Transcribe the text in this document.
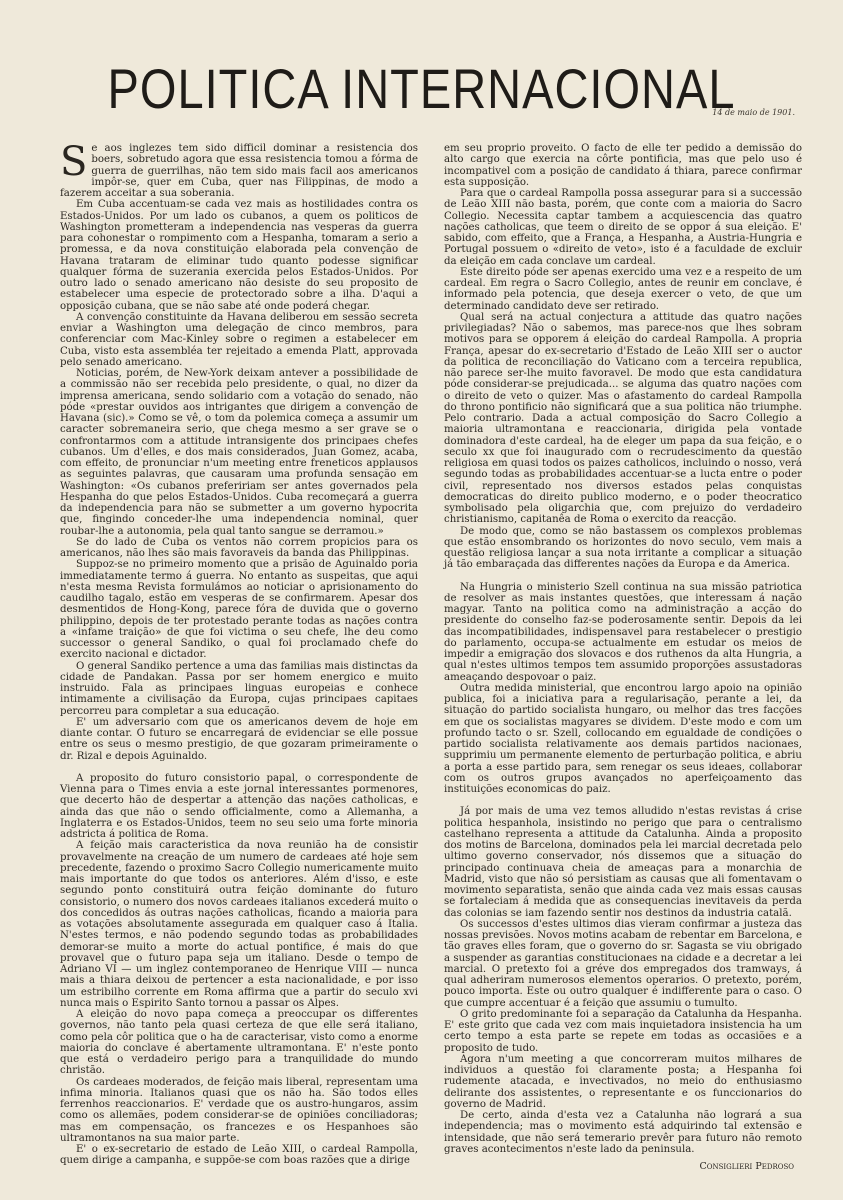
POLITICA INTERNACIONAL
14 de maio de 1901.

Se aos inglezes tem sido difficil dominar a resistencia dos boers, sobretudo agora que essa resistencia tomou a fórma de guerra de guerrilhas, não tem sido mais facil aos americanos impôr-se, quer em Cuba, quer nas Filippinas, de modo a fazerem acceitar a sua soberania.

Em Cuba accentuam-se cada vez mais as hostilidades contra os Estados-Unidos. Por um lado os cubanos, a quem os politicos de Washington prometteram a independencia nas vesperas da guerra para cohonestar o rompimento com a Hespanha, tomaram a serio a promessa, e da nova constituição elaborada pela convenção de Havana trataram de eliminar tudo quanto podesse significar qualquer fórma de suzerania exercida pelos Estados-Unidos. Por outro lado o senado americano não desiste do seu proposito de estabelecer uma especie de protectorado sobre a ilha. D'aqui a opposição cubana, que se não sabe até onde poderá chegar.

A convenção constituinte da Havana deliberou em sessão secreta enviar a Washington uma delegação de cinco membros, para conferenciar com Mac-Kinley sobre o regimen a estabelecer em Cuba, visto esta assembléa ter rejeitado a emenda Platt, approvada pelo senado americano.

Noticias, porém, de New-York deixam antever a possibilidade de a commissão não ser recebida pelo presidente, o qual, no dizer da imprensa americana, sendo solidario com a votação do senado, não póde «prestar ouvidos aos intrigantes que dirigem a convenção de Havana (sic).» Como se vê, o tom da polemica começa a assumir um caracter sobremaneira serio, que chega mesmo a ser grave se o confrontarmos com a attitude intransigente dos principaes chefes cubanos. Um d'elles, e dos mais considerados, Juan Gomez, acaba, com effeito, de pronunciar n'um meeting entre freneticos applausos as seguintes palavras, que causaram uma profunda sensação em Washington: «Os cubanos prefeririam ser antes governados pela Hespanha do que pelos Estados-Unidos. Cuba recomeçará a guerra da independencia para não se submetter a um governo hypocrita que, fingindo conceder-lhe uma independencia nominal, quer roubar-lhe a autonomia, pela qual tanto sangue se derramou.»

Se do lado de Cuba os ventos não correm propicios para os americanos, não lhes são mais favoraveis da banda das Philippinas.

Suppoz-se no primeiro momento que a prisão de Aguinaldo poria immediatamente termo á guerra. No entanto as suspeitas, que aqui n'esta mesma Revista formulámos ao noticiar o aprisionamento do caudilho tagalo, estão em vesperas de se confirmarem. Apesar dos desmentidos de Hong-Kong, parece fóra de duvida que o governo philippino, depois de ter protestado perante todas as nações contra a «infame traição» de que foi victima o seu chefe, lhe deu como successor o general Sandiko, o qual foi proclamado chefe do exercito nacional e dictador.

O general Sandiko pertence a uma das familias mais distinctas da cidade de Pandakan. Passa por ser homem energico e muito instruido. Fala as principaes linguas europeias e conhece intimamente a civilisação da Europa, cujas principaes capitaes percorreu para completar a sua educação.

E' um adversario com que os americanos devem de hoje em diante contar. O futuro se encarregará de evidenciar se elle possue entre os seus o mesmo prestigio, de que gozaram primeiramente o dr. Rizal e depois Aguinaldo.

A proposito do futuro consistorio papal, o correspondente de Vienna para o Times envia a este jornal interessantes pormenores, que decerto hão de despertar a attenção das nações catholicas, e ainda das que não o sendo officialmente, como a Allemanha, a Inglaterra e os Estados-Unidos, teem no seu seio uma forte minoria adstricta á politica de Roma.

A feição mais caracteristica da nova reunião ha de consistir provavelmente na creação de um numero de cardeaes até hoje sem precedente, fazendo o proximo Sacro Collegio numericamente muito mais importante do que todos os anteriores. Além d'isso, e este segundo ponto constituirá outra feição dominante do futuro consistorio, o numero dos novos cardeaes italianos excederá muito o dos concedidos ás outras nações catholicas, ficando a maioria para as votações absolutamente assegurada em qualquer caso á Italia. N'estes termos, e não podendo segundo todas as probabilidades demorar-se muito a morte do actual pontifice, é mais do que provavel que o futuro papa seja um italiano. Desde o tempo de Adriano VI — um inglez contemporaneo de Henrique VIII — nunca mais a thiara deixou de pertencer a esta nacionalidade, e por isso um estribilho corrente em Roma affirma que a partir do seculo xvi nunca mais o Espirito Santo tornou a passar os Alpes.

A eleição do novo papa começa a preoccupar os differentes governos, não tanto pela quasi certeza de que elle será italiano, como pela côr politica que o ha de caracterisar, visto como a enorme maioria do conclave é abertamente ultramontana. E' n'este ponto que está o verdadeiro perigo para a tranquilidade do mundo christão.

Os cardeaes moderados, de feição mais liberal, representam uma infima minoria. Italianos quasi que os não ha. São todos elles ferrenhos reaccionarios. E' verdade que os austro-hungaros, assim como os allemães, podem considerar-se de opiniões conciliadoras; mas em compensação, os francezes e os Hespanhoes são ultramontanos na sua maior parte.

E' o ex-secretario de estado de Leão XIII, o cardeal Rampolla, quem dirige a campanha, e suppõe-se com boas razões que a dirige

em seu proprio proveito. O facto de elle ter pedido a demissão do alto cargo que exercia na côrte pontificia, mas que pelo uso é incompativel com a posição de candidato á thiara, parece confirmar esta supposição.

Para que o cardeal Rampolla possa assegurar para si a successão de Leão XIII não basta, porém, que conte com a maioria do Sacro Collegio. Necessita captar tambem a acquiescencia das quatro nações catholicas, que teem o direito de se oppor á sua eleição. E' sabido, com effeito, que a França, a Hespanha, a Austria-Hungria e Portugal possuem o «direito de veto», isto é a faculdade de excluir da eleição em cada conclave um cardeal.

Este direito póde ser apenas exercido uma vez e a respeito de um cardeal. Em regra o Sacro Collegio, antes de reunir em conclave, é informado pela potencia, que deseja exercer o veto, de que um determinado candidato deve ser retirado.

Qual será na actual conjectura a attitude das quatro nações privilegiadas? Não o sabemos, mas parece-nos que lhes sobram motivos para se opporem á eleição do cardeal Rampolla. A propria França, apesar do ex-secretario d'Estado de Leão XIII ser o auctor da politica de reconciliação do Vaticano com a terceira republica, não parece ser-lhe muito favoravel. De modo que esta candidatura póde considerar-se prejudicada... se alguma das quatro nações com o direito de veto o quizer. Mas o afastamento do cardeal Rampolla do throno pontificio não significará que a sua politica não triumphe. Pelo contrario. Dada a actual composição do Sacro Collegio a maioria ultramontana e reaccionaria, dirigida pela vontade dominadora d'este cardeal, ha de eleger um papa da sua feição, e o seculo xx que foi inaugurado com o recrudescimento da questão religiosa em quasi todos os paizes catholicos, incluindo o nosso, verá segundo todas as probabilidades accentuar-se a lucta entre o poder civil, representado nos diversos estados pelas conquistas democraticas do direito publico moderno, e o poder theocratico symbolisado pela oligarchia que, com prejuizo do verdadeiro christianismo, capitanêa de Roma o exercito da reacção.

De modo que, como se não bastassem os complexos problemas que estão ensombrando os horizontes do novo seculo, vem mais a questão religiosa lançar a sua nota irritante a complicar a situação já tão embaraçada das differentes nações da Europa e da America.

Na Hungria o ministerio Szell continua na sua missão patriotica de resolver as mais instantes questões, que interessam á nação magyar. Tanto na politica como na administração a acção do presidente do conselho faz-se poderosamente sentir. Depois da lei das incompatibilidades, indispensavel para restabelecer o prestigio do parlamento, occupa-se actualmente em estudar os meios de impedir a emigração dos slovacos e dos ruthenos da alta Hungria, a qual n'estes ultimos tempos tem assumido proporções assustadoras ameaçando despovoar o paiz.

Outra medida ministerial, que encontrou largo apoio na opinião publica, foi a iniciativa para a regularisação, perante a lei, da situação do partido socialista hungaro, ou melhor das tres facções em que os socialistas magyares se dividem. D'este modo e com um profundo tacto o sr. Szell, collocando em egualdade de condições o partido socialista relativamente aos demais partidos nacionaes, supprimiu um permanente elemento de perturbação politica, e abriu a porta a esse partido para, sem renegar os seus ideaes, collaborar com os outros grupos avançados no aperfeiçoamento das instituições economicas do paiz.

Já por mais de uma vez temos alludido n'estas revistas á crise politica hespanhola, insistindo no perigo que para o centralismo castelhano representa a attitude da Catalunha. Ainda a proposito dos motins de Barcelona, dominados pela lei marcial decretada pelo ultimo governo conservador, nós dissemos que a situação do principado continuava cheia de ameaças para a monarchia de Madrid, visto que não só persistiam as causas que ali fomentavam o movimento separatista, senão que ainda cada vez mais essas causas se fortaleciam á medida que as consequencias inevitaveis da perda das colonias se iam fazendo sentir nos destinos da industria catalã.

Os successos d'estes ultimos dias vieram confirmar a justeza das nossas previsões. Novos motins acabam de rebentar em Barcelona, e tão graves elles foram, que o governo do sr. Sagasta se viu obrigado a suspender as garantias constitucionaes na cidade e a decretar a lei marcial. O pretexto foi a gréve dos empregados dos tramways, á qual adheriram numerosos elementos operarios. O pretexto, porém, pouco importa. Este ou outro qualquer é indifferente para o caso. O que cumpre accentuar é a feição que assumiu o tumulto.

O grito predominante foi a separação da Catalunha da Hespanha. E' este grito que cada vez com mais inquietadora insistencia ha um certo tempo a esta parte se repete em todas as occasiões e a proposito de tudo.

Agora n'um meeting a que concorreram muitos milhares de individuos a questão foi claramente posta; a Hespanha foi rudemente atacada, e invectivados, no meio do enthusiasmo delirante dos assistentes, o representante e os funccionarios do governo de Madrid.

De certo, ainda d'esta vez a Catalunha não logrará a sua independencia; mas o movimento está adquirindo tal extensão e intensidade, que não será temerario prevêr para futuro não remoto graves acontecimentos n'este lado da peninsula.

Consiglieri Pedroso
